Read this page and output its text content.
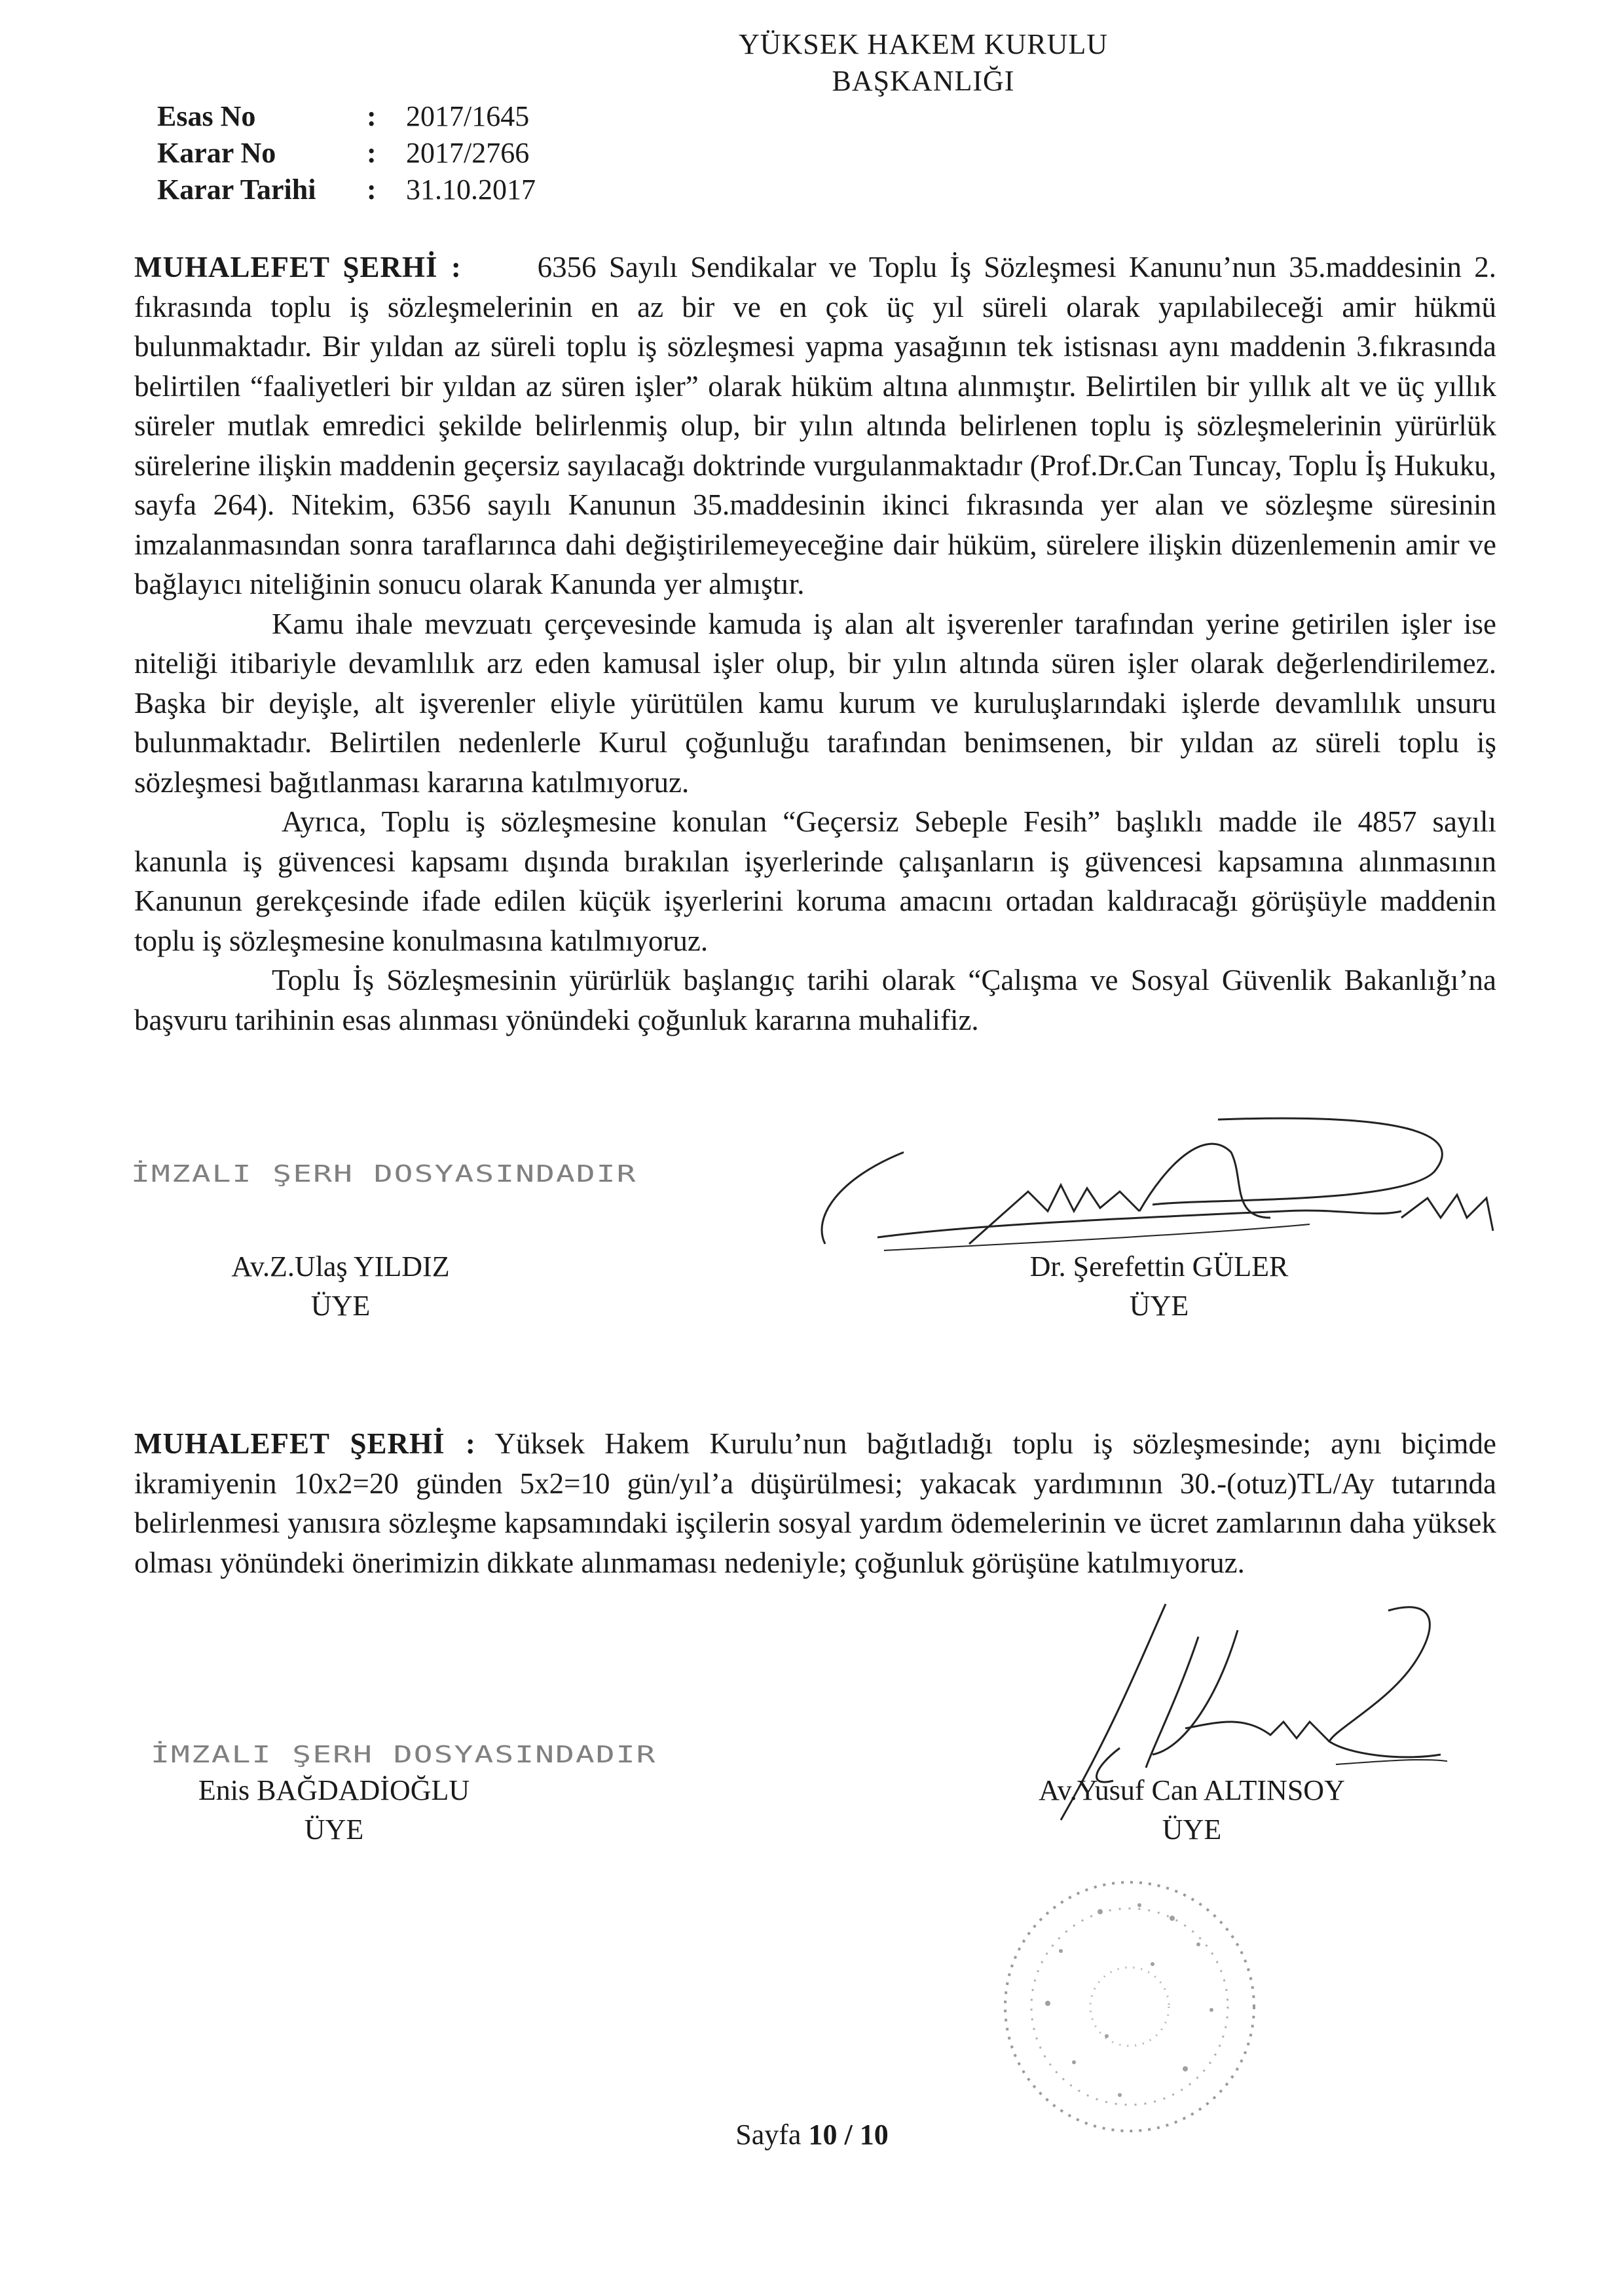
YÜKSEK HAKEM KURULU
BAŞKANLIĞI
Esas No	:	2017/1645
Karar No	:	2017/2766
Karar Tarihi	:	31.10.2017

MUHALEFET ŞERHİ :	6356 Sayılı Sendikalar ve Toplu İş Sözleşmesi Kanunu’nun 35.maddesinin 2. fıkrasında toplu iş sözleşmelerinin en az bir ve en çok üç yıl süreli olarak yapılabileceği amir hükmü bulunmaktadır. Bir yıldan az süreli toplu iş sözleşmesi yapma yasağının tek istisnası aynı maddenin 3.fıkrasında belirtilen “faaliyetleri bir yıldan az süren işler” olarak hüküm altına alınmıştır. Belirtilen bir yıllık alt ve üç yıllık süreler mutlak emredici şekilde belirlenmiş olup, bir yılın altında belirlenen toplu iş sözleşmelerinin yürürlük sürelerine ilişkin maddenin geçersiz sayılacağı doktrinde vurgulanmaktadır (Prof.Dr.Can Tuncay, Toplu İş Hukuku, sayfa 264). Nitekim, 6356 sayılı Kanunun 35.maddesinin ikinci fıkrasında yer alan ve sözleşme süresinin imzalanmasından sonra taraflarınca dahi değiştirilemeyeceğine dair hüküm, sürelere ilişkin düzenlemenin amir ve bağlayıcı niteliğinin sonucu olarak Kanunda yer almıştır.

Kamu ihale mevzuatı çerçevesinde kamuda iş alan alt işverenler tarafından yerine getirilen işler ise niteliği itibariyle devamlılık arz eden kamusal işler olup, bir yılın altında süren işler olarak değerlendirilemez. Başka bir deyişle, alt işverenler eliyle yürütülen kamu kurum ve kuruluşlarındaki işlerde devamlılık unsuru bulunmaktadır. Belirtilen nedenlerle Kurul çoğunluğu tarafından benimsenen, bir yıldan az süreli toplu iş sözleşmesi bağıtlanması kararına katılmıyoruz.

Ayrıca, Toplu iş sözleşmesine konulan “Geçersiz Sebeple Fesih” başlıklı madde ile 4857 sayılı kanunla iş güvencesi kapsamı dışında bırakılan işyerlerinde çalışanların iş güvencesi kapsamına alınmasının Kanunun gerekçesinde ifade edilen küçük işyerlerini koruma amacını ortadan kaldıracağı görüşüyle maddenin toplu iş sözleşmesine konulmasına katılmıyoruz.

Toplu İş Sözleşmesinin yürürlük başlangıç tarihi olarak “Çalışma ve Sosyal Güvenlik Bakanlığı’na başvuru tarihinin esas alınması yönündeki çoğunluk kararına muhalifiz.

İMZALI ŞERH DOSYASINDADIR
Av.Z.Ulaş YILDIZ
ÜYE
Dr. Şerefettin GÜLER
ÜYE

MUHALEFET ŞERHİ : Yüksek Hakem Kurulu’nun bağıtladığı toplu iş sözleşmesinde; aynı biçimde ikramiyenin 10x2=20 günden 5x2=10 gün/yıl’a düşürülmesi; yakacak yardımının 30.-(otuz)TL/Ay tutarında belirlenmesi yanısıra sözleşme kapsamındaki işçilerin sosyal yardım ödemelerinin ve ücret zamlarının daha yüksek olması yönündeki önerimizin dikkate alınmaması nedeniyle; çoğunluk görüşüne katılmıyoruz.

İMZALI ŞERH DOSYASINDADIR
Enis BAĞDADİOĞLU
ÜYE
Av.Yusuf Can ALTINSOY
ÜYE
Sayfa 10 / 10
